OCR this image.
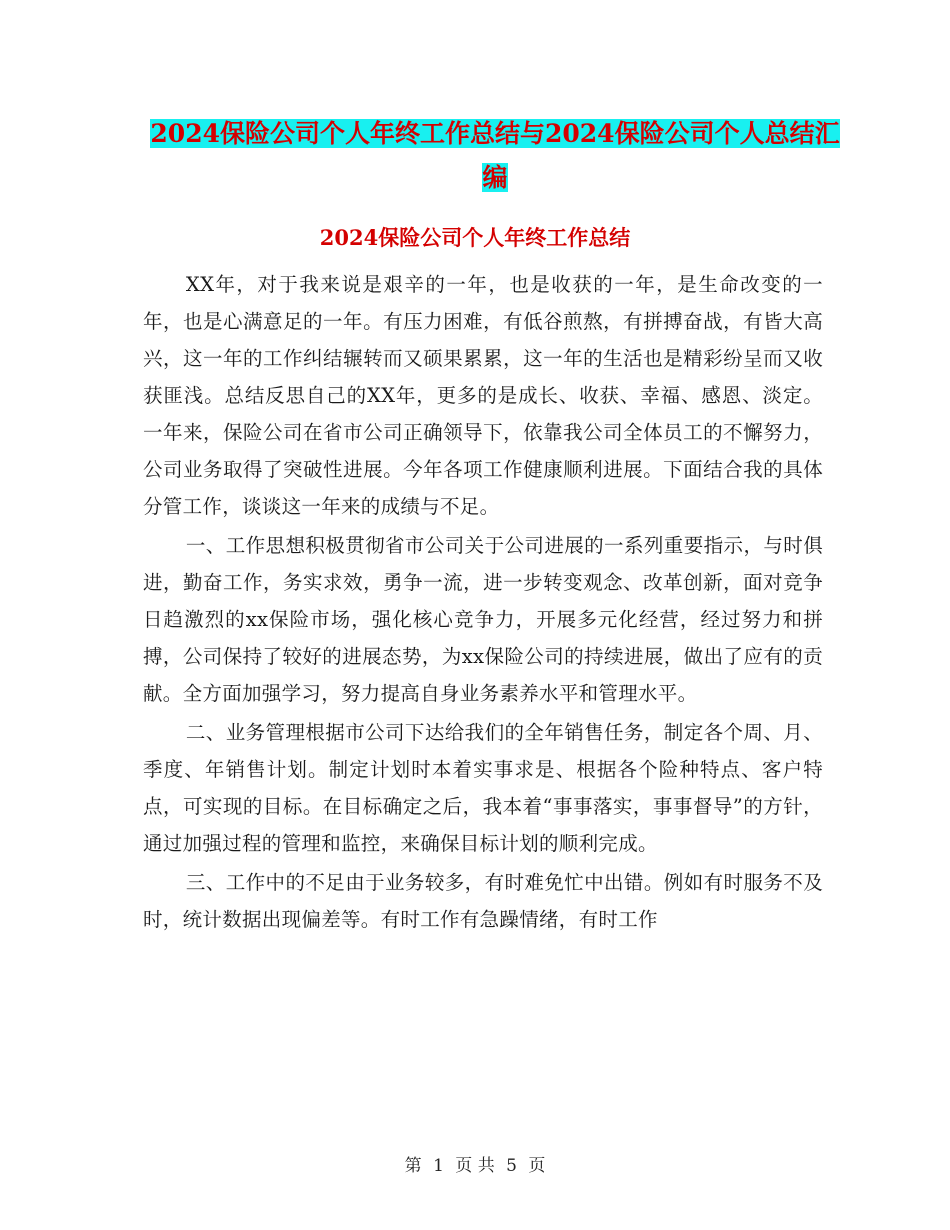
2024保险公司个人年终工作总结与2024保险公司个人总结汇编
2024保险公司个人年终工作总结

XX年，对于我来说是艰辛的一年，也是收获的一年，是生命改变的一年，也是心满意足的一年。有压力困难，有低谷煎熬，有拼搏奋战，有皆大高兴，这一年的工作纠结辗转而又硕果累累，这一年的生活也是精彩纷呈而又收获匪浅。总结反思自己的XX年，更多的是成长、收获、幸福、感恩、淡定。一年来，保险公司在省市公司正确领导下，依靠我公司全体员工的不懈努力，公司业务取得了突破性进展。今年各项工作健康顺利进展。下面结合我的具体分管工作，谈谈这一年来的成绩与不足。

一、工作思想积极贯彻省市公司关于公司进展的一系列重要指示，与时俱进，勤奋工作，务实求效，勇争一流，进一步转变观念、改革创新，面对竞争日趋激烈的xx保险市场，强化核心竞争力，开展多元化经营，经过努力和拼搏，公司保持了较好的进展态势，为xx保险公司的持续进展，做出了应有的贡献。全方面加强学习，努力提高自身业务素养水平和管理水平。

二、业务管理根据市公司下达给我们的全年销售任务，制定各个周、月、季度、年销售计划。制定计划时本着实事求是、根据各个险种特点、客户特点，可实现的目标。在目标确定之后，我本着“事事落实，事事督导”的方针，通过加强过程的管理和监控，来确保目标计划的顺利完成。

三、工作中的不足由于业务较多，有时难免忙中出错。例如有时服务不及时，统计数据出现偏差等。有时工作有急躁情绪，有时工作

第 1 页 共 5 页
